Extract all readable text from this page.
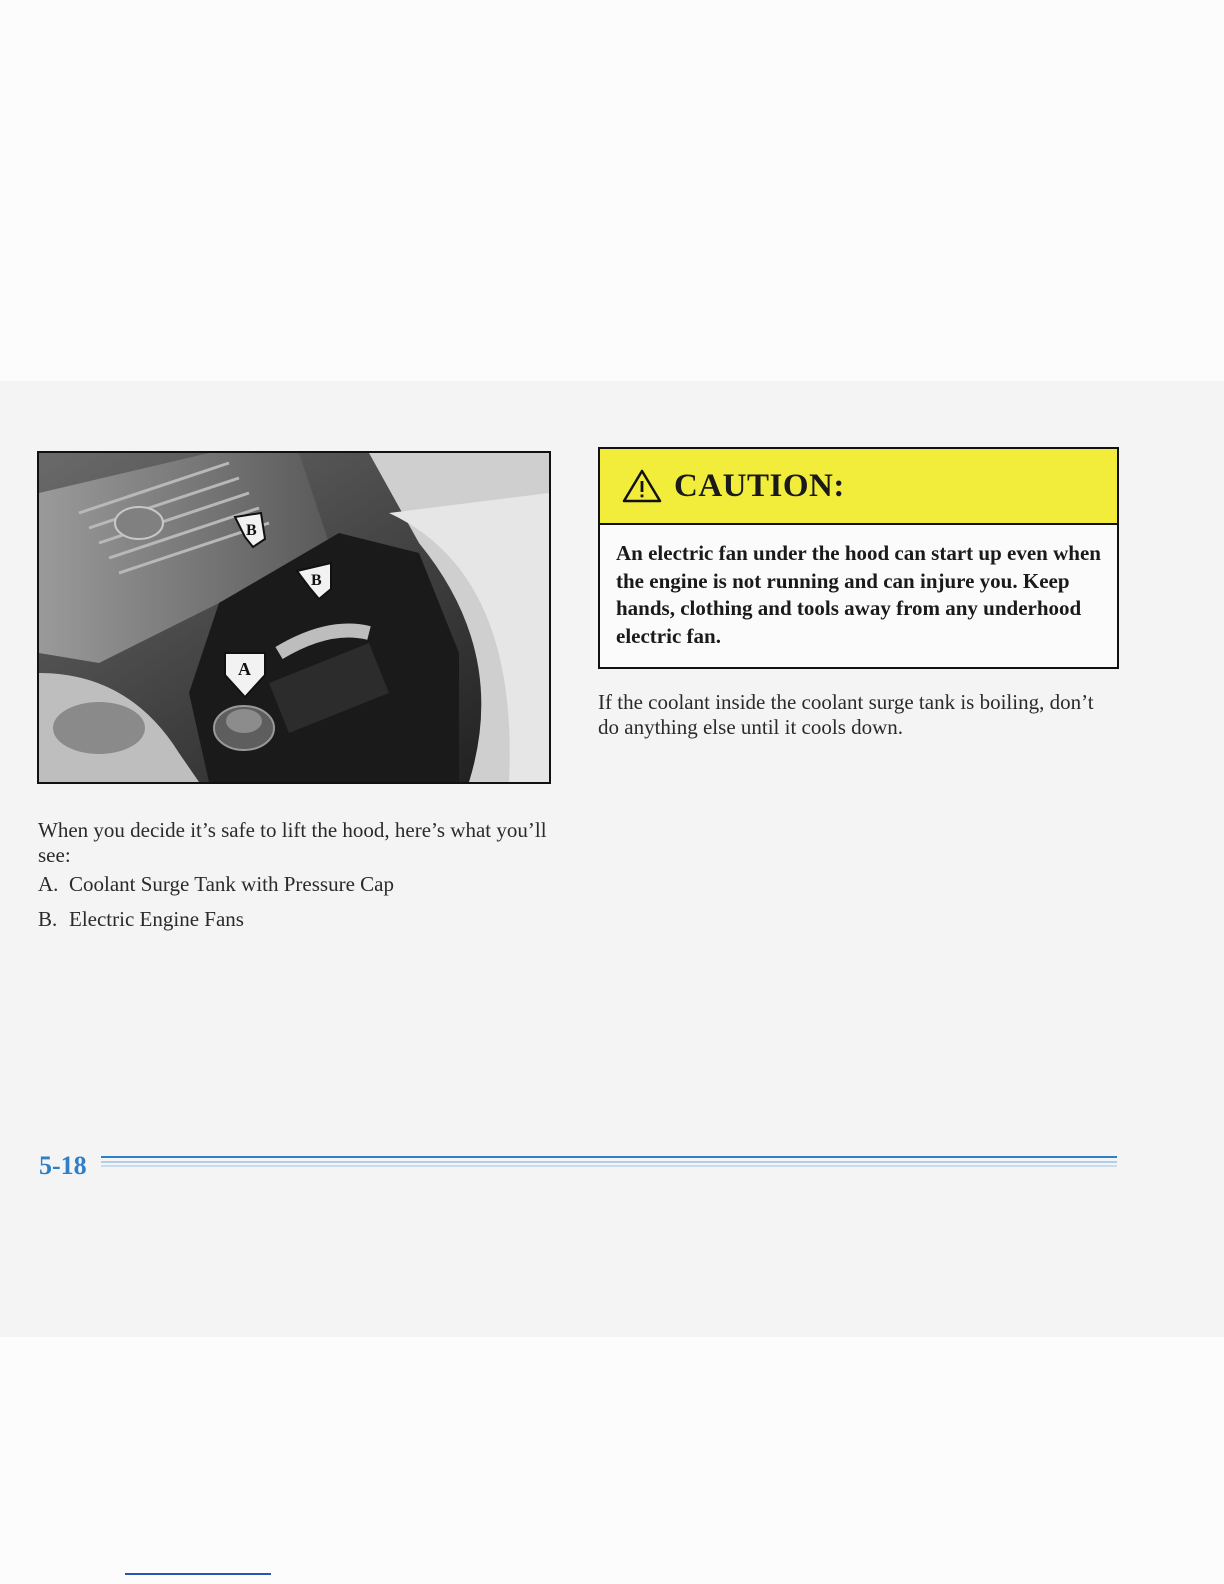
B
B
A
When you decide it’s safe to lift the hood, here’s what you’ll see:
A. Coolant Surge Tank with Pressure Cap
B. Electric Engine Fans
CAUTION:
An electric fan under the hood can start up even when the engine is not running and can injure you. Keep hands, clothing and tools away from any underhood electric fan.
If the coolant inside the coolant surge tank is boiling, don’t do anything else until it cools down.
5-18
